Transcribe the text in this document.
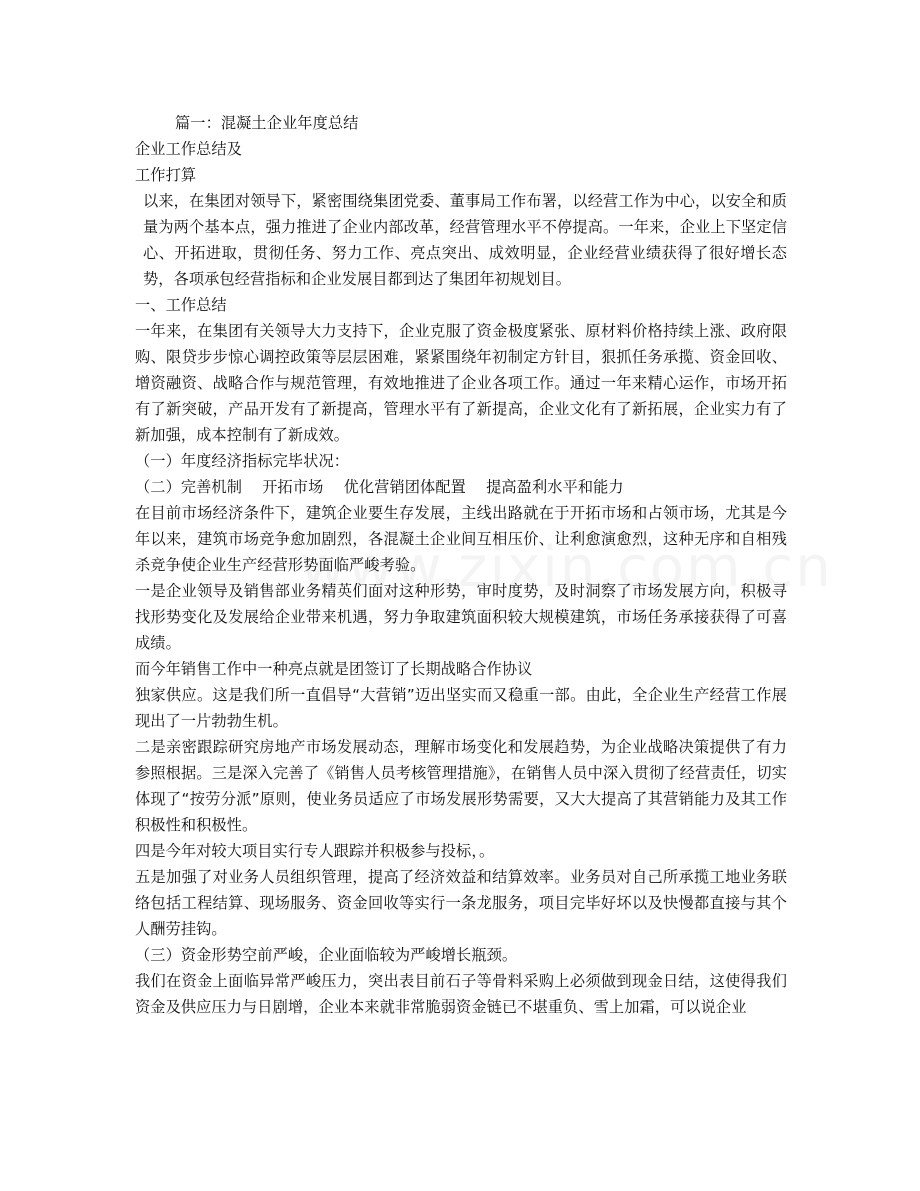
篇一：混凝土企业年度总结

企业工作总结及

工作打算

以来，在集团对领导下，紧密围绕集团党委、董事局工作布署，以经营工作为中心，以安全和质量为两个基本点，强力推进了企业内部改革，经营管理水平不停提高。一年来，企业上下坚定信心、开拓进取，贯彻任务、努力工作、亮点突出、成效明显，企业经营业绩获得了很好增长态势，各项承包经营指标和企业发展目都到达了集团年初规划目。

一、工作总结

一年来，在集团有关领导大力支持下，企业克服了资金极度紧张、原材料价格持续上涨、政府限购、限贷步步惊心调控政策等层层困难，紧紧围绕年初制定方针目，狠抓任务承揽、资金回收、增资融资、战略合作与规范管理，有效地推进了企业各项工作。通过一年来精心运作，市场开拓有了新突破，产品开发有了新提高，管理水平有了新提高，企业文化有了新拓展，企业实力有了新加强，成本控制有了新成效。

（一）年度经济指标完毕状况：

（二）完善机制　 开拓市场　 优化营销团体配置　 提高盈利水平和能力

在目前市场经济条件下，建筑企业要生存发展，主线出路就在于开拓市场和占领市场，尤其是今年以来，建筑市场竞争愈加剧烈，各混凝土企业间互相压价、让利愈演愈烈，这种无序和自相残杀竞争使企业生产经营形势面临严峻考验。

一是企业领导及销售部业务精英们面对这种形势，审时度势，及时洞察了市场发展方向，积极寻找形势变化及发展给企业带来机遇，努力争取建筑面积较大规模建筑，市场任务承接获得了可喜成绩。

而今年销售工作中一种亮点就是团签订了长期战略合作协议

独家供应。这是我们所一直倡导“大营销”迈出坚实而又稳重一部。由此，全企业生产经营工作展现出了一片勃勃生机。

二是亲密跟踪研究房地产市场发展动态，理解市场变化和发展趋势，为企业战略决策提供了有力参照根据。三是深入完善了《销售人员考核管理措施》，在销售人员中深入贯彻了经营责任，切实体现了“按劳分派”原则，使业务员适应了市场发展形势需要，又大大提高了其营销能力及其工作积极性和积极性。

四是今年对较大项目实行专人跟踪并积极参与投标，。

五是加强了对业务人员组织管理，提高了经济效益和结算效率。业务员对自己所承揽工地业务联络包括工程结算、现场服务、资金回收等实行一条龙服务，项目完毕好坏以及快慢都直接与其个人酬劳挂钩。

（三）资金形势空前严峻，企业面临较为严峻增长瓶颈。

我们在资金上面临异常严峻压力，突出表目前石子等骨料采购上必须做到现金日结，这使得我们资金及供应压力与日剧增，企业本来就非常脆弱资金链已不堪重负、雪上加霜，可以说企业
